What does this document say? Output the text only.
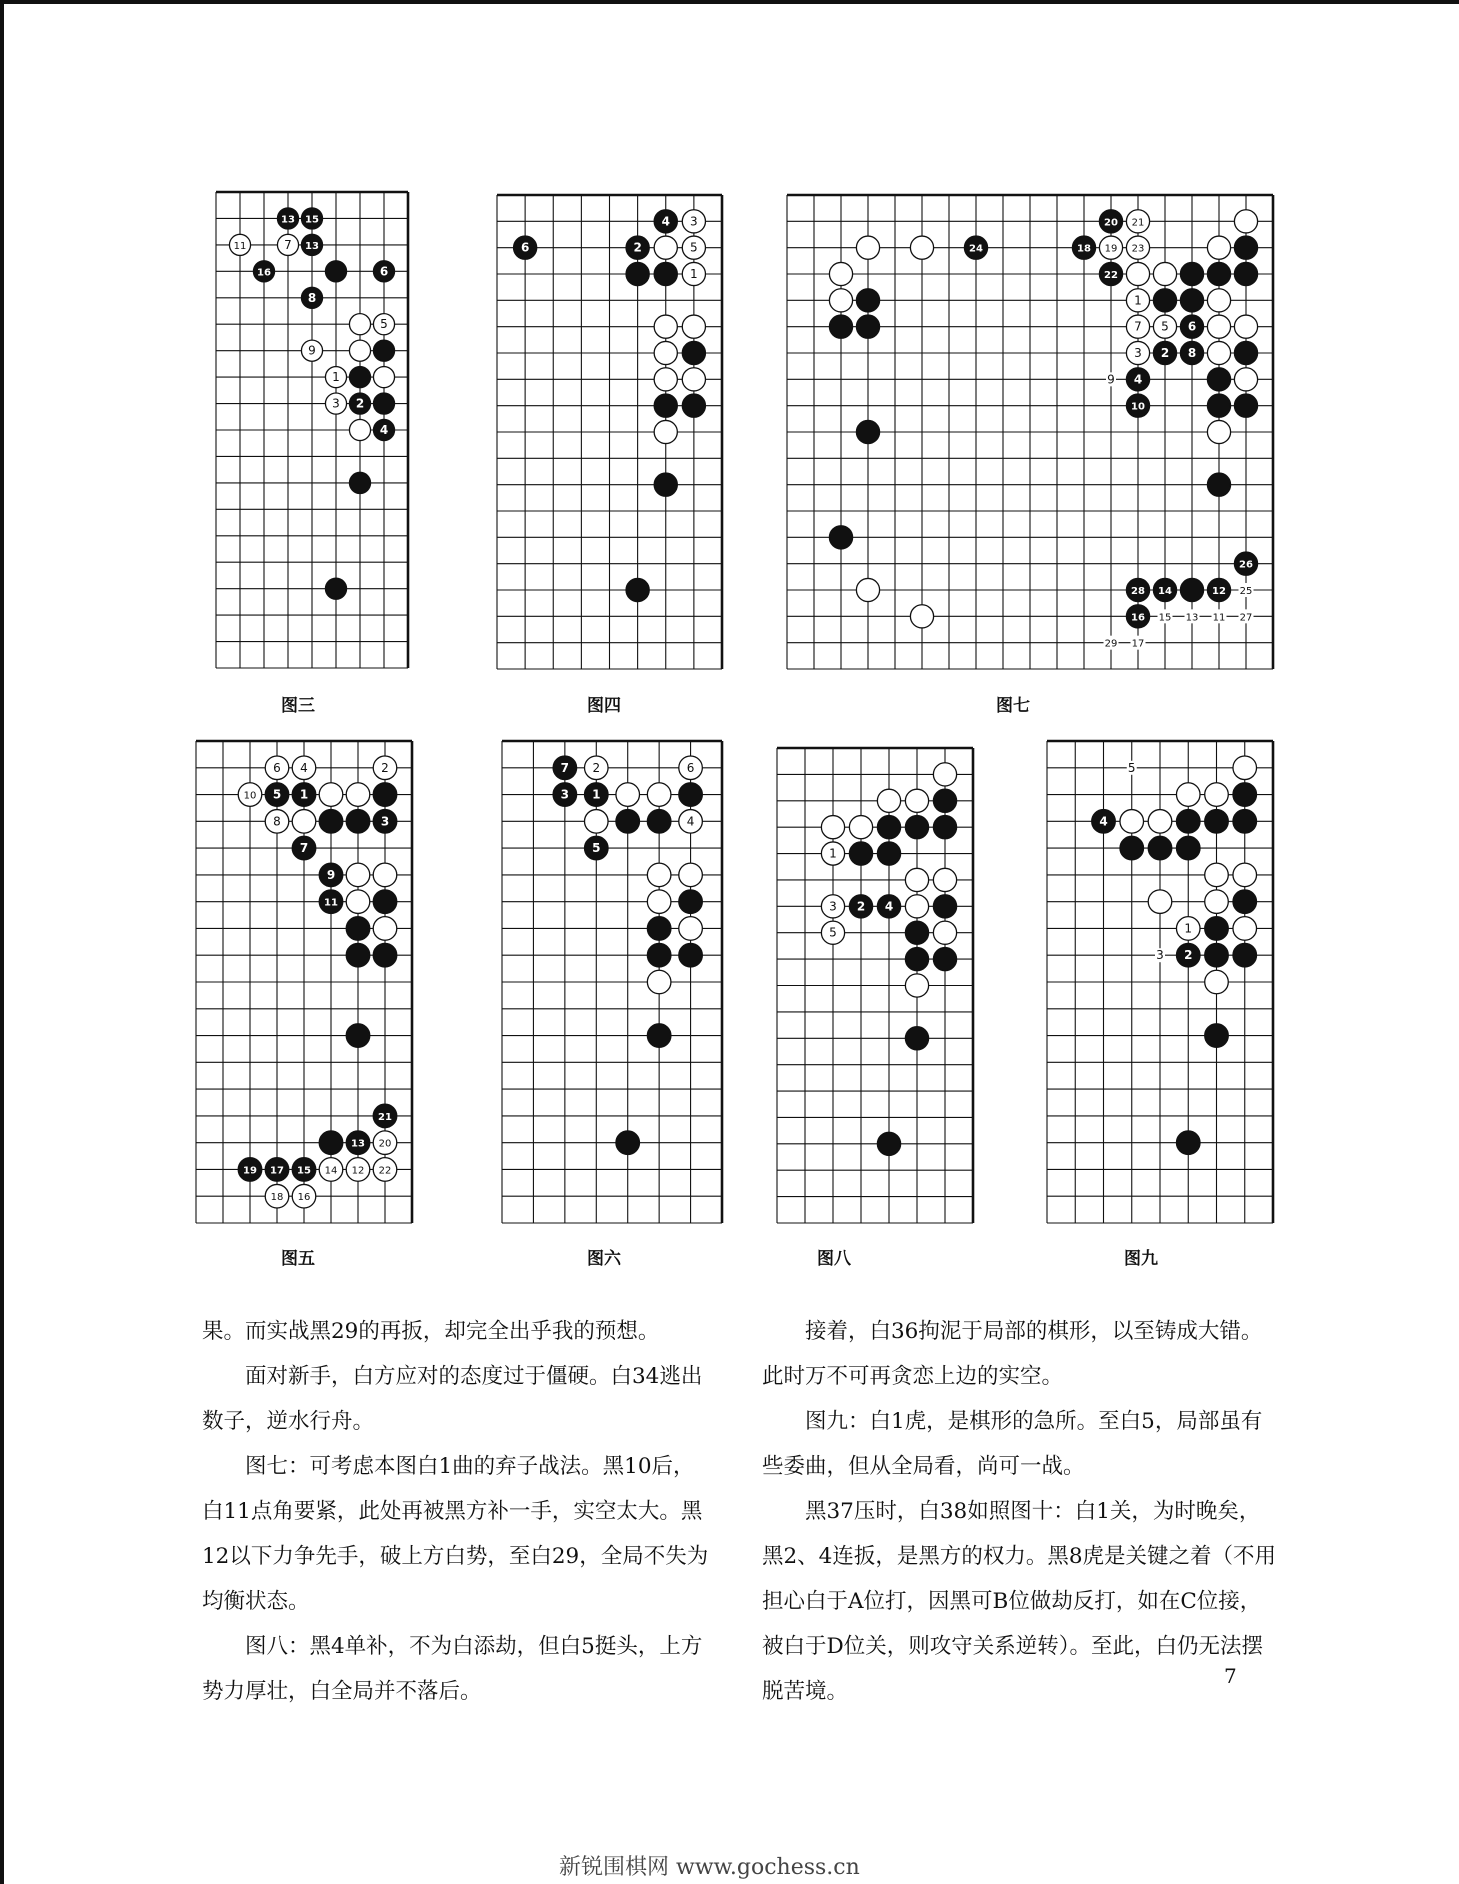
13 15
11	7 13
16	6
8
5
9
1
3 2
4
图三
4 3
6	2	5
1
图四
20 21
24	18 19 23
22
1
7 5 6
3 2 8
9 4
10
26
28 14	12 25
16 15 13 11 27
29 17
图七
6 4	2
10 5 1
8	3
7
9
11
21
13 20
19 17 15 14 12 22
18 16
图五
7 2	6
3 1
4
5
图六
1
3 2 4
5
图八
5
4
1
3 2
图九

果。而实战黑29的再扳，却完全出乎我的预想。

面对新手，白方应对的态度过于僵硬。白34逃出数子，逆水行舟。

图七：可考虑本图白1曲的弃子战法。黑10后，白11点角要紧，此处再被黑方补一手，实空太大。黑12以下力争先手，破上方白势，至白29，全局不失为均衡状态。

图八：黑4单补，不为白添劫，但白5挺头，上方势力厚壮，白全局并不落后。

接着，白36拘泥于局部的棋形，以至铸成大错。此时万不可再贪恋上边的实空。

图九：白1虎，是棋形的急所。至白5，局部虽有些委曲，但从全局看，尚可一战。

黑37压时，白38如照图十：白1关，为时晚矣，黑2、4连扳，是黑方的权力。黑8虎是关键之着（不用担心白于A位打，因黑可B位做劫反打，如在C位接，被白于D位关，则攻守关系逆转）。至此，白仍无法摆脱苦境。

7
新锐围棋网 www.gochess.cn
